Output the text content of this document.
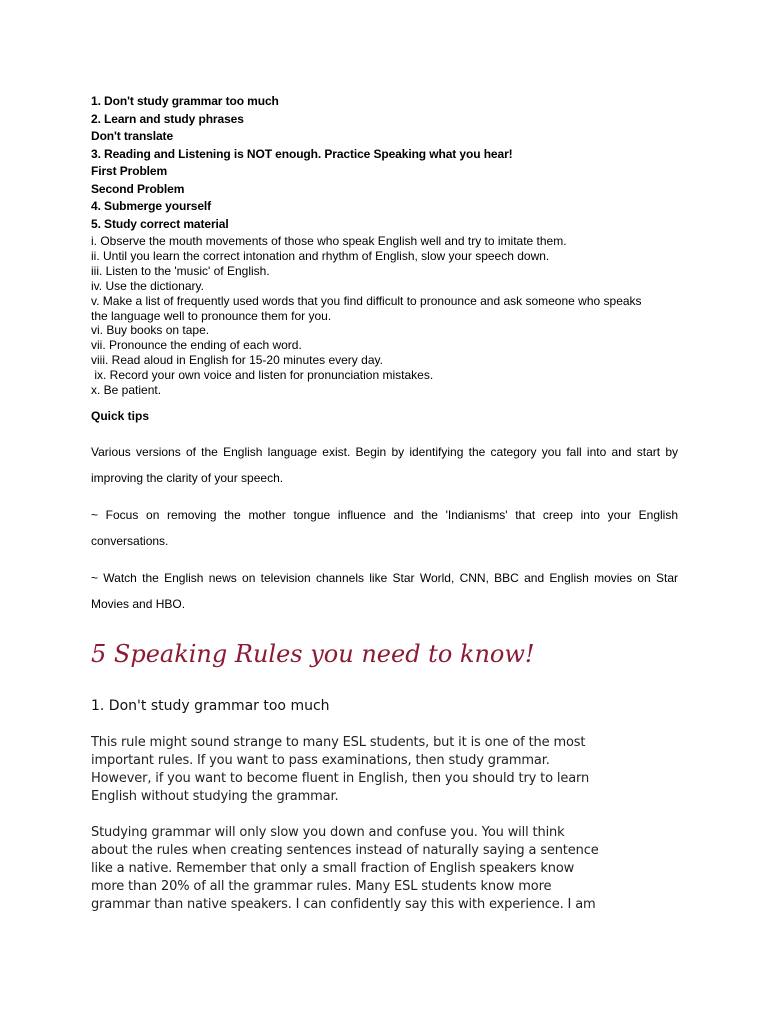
1. Don't study grammar too much
2. Learn and study phrases
Don't translate
3. Reading and Listening is NOT enough. Practice Speaking what you hear!
First Problem
Second Problem
4. Submerge yourself
5. Study correct material
i. Observe the mouth movements of those who speak English well and try to imitate them.
ii. Until you learn the correct intonation and rhythm of English, slow your speech down.
iii. Listen to the 'music' of English.
iv. Use the dictionary.
v. Make a list of frequently used words that you find difficult to pronounce and ask someone who speaks
the language well to pronounce them for you.
vi. Buy books on tape.
vii. Pronounce the ending of each word.
viii. Read aloud in English for 15-20 minutes every day.
ix. Record your own voice and listen for pronunciation mistakes.
x. Be patient.
Quick tips
Various versions of the English language exist. Begin by identifying the category you fall into and start by improving the clarity of your speech.
~ Focus on removing the mother tongue influence and the 'Indianisms' that creep into your English conversations.
~ Watch the English news on television channels like Star World, CNN, BBC and English movies on Star Movies and HBO.
5 Speaking Rules you need to know!
1. Don't study grammar too much
This rule might sound strange to many ESL students, but it is one of the most
important rules. If you want to pass examinations, then study grammar.
However, if you want to become fluent in English, then you should try to learn
English without studying the grammar.
Studying grammar will only slow you down and confuse you. You will think
about the rules when creating sentences instead of naturally saying a sentence
like a native. Remember that only a small fraction of English speakers know
more than 20% of all the grammar rules. Many ESL students know more
grammar than native speakers. I can confidently say this with experience. I am
